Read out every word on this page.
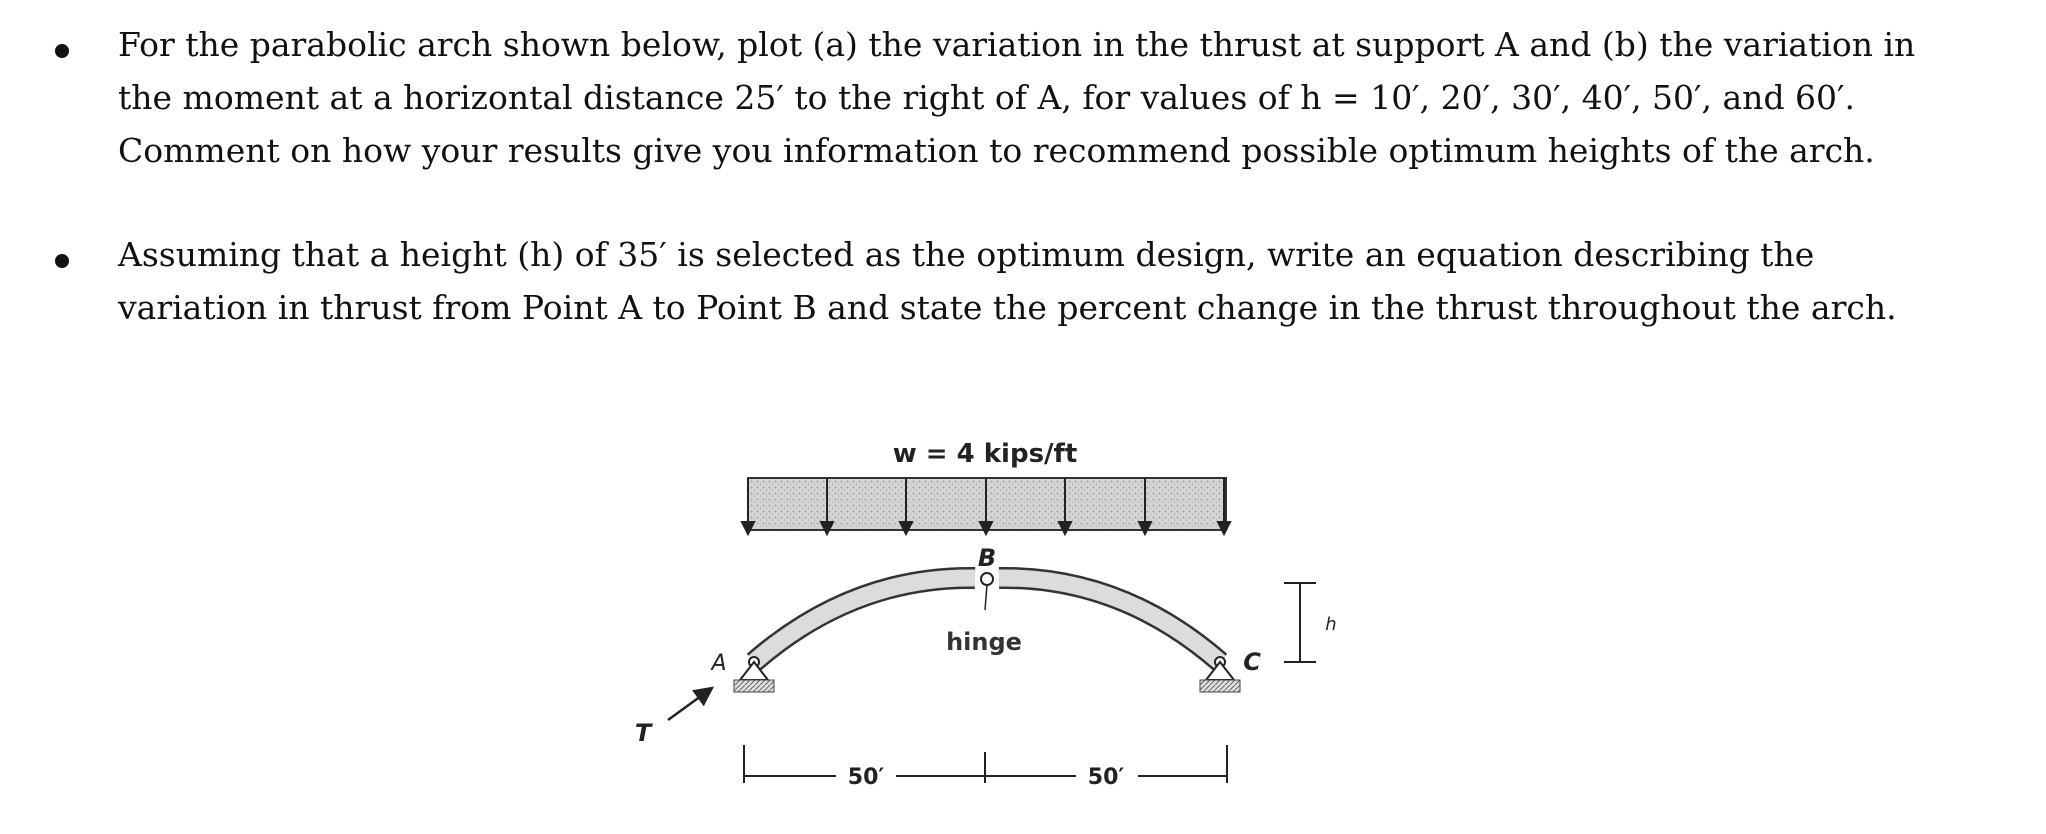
For the parabolic arch shown below, plot (a) the variation in the thrust at support A and (b) the variation in
the moment at a horizontal distance 25′ to the right of A, for values of h = 10′, 20′, 30′, 40′, 50′, and 60′.
Comment on how your results give you information to recommend possible optimum heights of the arch.
Assuming that a height (h) of 35′ is selected as the optimum design, write an equation describing the
variation in thrust from Point A to Point B and state the percent change in the thrust throughout the arch.
w = 4 kips/ft
B
hinge
A	C
T
h
50′	50′
